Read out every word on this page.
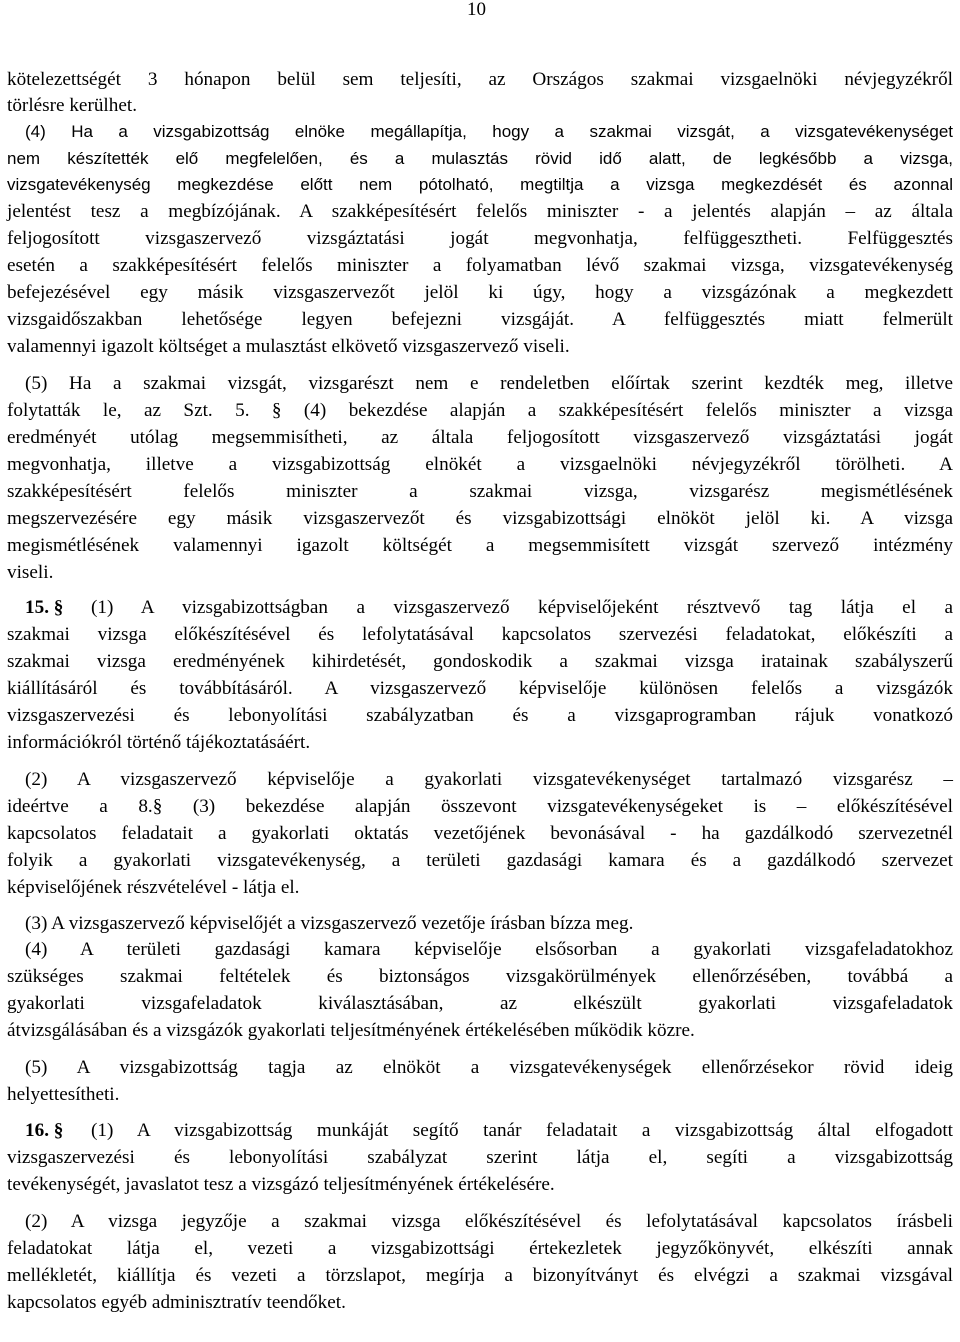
10
kötelezettségét 3 hónapon belül sem teljesíti, az Országos szakmai vizsgaelnöki névjegyzékről
törlésre kerülhet.
(4) Ha a vizsgabizottság elnöke megállapítja, hogy a szakmai vizsgát, a vizsgatevékenységet
nem készítették elő megfelelően, és a mulasztás rövid idő alatt, de legkésőbb a vizsga,
vizsgatevékenység megkezdése előtt nem pótolható, megtiltja a vizsga megkezdését és azonnal
jelentést tesz a megbízójának. A szakképesítésért felelős miniszter - a jelentés alapján – az általa
feljogosított vizsgaszervező vizsgáztatási jogát megvonhatja, felfüggesztheti. Felfüggesztés
esetén a szakképesítésért felelős miniszter a folyamatban lévő szakmai vizsga, vizsgatevékenység
befejezésével egy másik vizsgaszervezőt jelöl ki úgy, hogy a vizsgázónak a megkezdett
vizsgaidőszakban lehetősége legyen befejezni vizsgáját. A felfüggesztés miatt felmerült
valamennyi igazolt költséget a mulasztást elkövető vizsgaszervező viseli.
(5) Ha a szakmai vizsgát, vizsgarészt nem e rendeletben előírtak szerint kezdték meg, illetve
folytatták le, az Szt. 5. § (4) bekezdése alapján a szakképesítésért felelős miniszter a vizsga
eredményét utólag megsemmisítheti, az általa feljogosított vizsgaszervező vizsgáztatási jogát
megvonhatja, illetve a vizsgabizottság elnökét a vizsgaelnöki névjegyzékről törölheti. A
szakképesítésért felelős miniszter a szakmai vizsga, vizsgarész megismétlésének
megszervezésére egy másik vizsgaszervezőt és vizsgabizottsági elnököt jelöl ki. A vizsga
megismétlésének valamennyi igazolt költségét a megsemmisített vizsgát szervező intézmény
viseli.
15. §	(1) A vizsgabizottságban a vizsgaszervező képviselőjeként résztvevő tag látja el a
szakmai vizsga előkészítésével és lefolytatásával kapcsolatos szervezési feladatokat, előkészíti a
szakmai vizsga eredményének kihirdetését, gondoskodik a szakmai vizsga iratainak szabályszerű
kiállításáról és továbbításáról. A vizsgaszervező képviselője különösen felelős a vizsgázók
vizsgaszervezési és lebonyolítási szabályzatban és a vizsgaprogramban rájuk vonatkozó
információkról történő tájékoztatásáért.
(2) A vizsgaszervező képviselője a gyakorlati vizsgatevékenységet tartalmazó vizsgarész –
ideértve a 8.§ (3) bekezdése alapján összevont vizsgatevékenységeket is – előkészítésével
kapcsolatos feladatait a gyakorlati oktatás vezetőjének bevonásával - ha gazdálkodó szervezetnél
folyik a gyakorlati vizsgatevékenység, a területi gazdasági kamara és a gazdálkodó szervezet
képviselőjének részvételével - látja el.
(3) A vizsgaszervező képviselőjét a vizsgaszervező vezetője írásban bízza meg.
(4) A területi gazdasági kamara képviselője elsősorban a gyakorlati vizsgafeladatokhoz
szükséges szakmai feltételek és biztonságos vizsgakörülmények ellenőrzésében, továbbá a
gyakorlati vizsgafeladatok kiválasztásában, az elkészült gyakorlati vizsgafeladatok
átvizsgálásában és a vizsgázók gyakorlati teljesítményének értékelésében működik közre.
(5) A vizsgabizottság tagja az elnököt a vizsgatevékenységek ellenőrzésekor rövid ideig
helyettesítheti.
16. §	(1) A vizsgabizottság munkáját segítő tanár feladatait a vizsgabizottság által elfogadott
vizsgaszervezési és lebonyolítási szabályzat szerint látja el, segíti a vizsgabizottság
tevékenységét, javaslatot tesz a vizsgázó teljesítményének értékelésére.
(2) A vizsga jegyzője a szakmai vizsga előkészítésével és lefolytatásával kapcsolatos írásbeli
feladatokat látja el, vezeti a vizsgabizottsági értekezletek jegyzőkönyvét, elkészíti annak
mellékletét, kiállítja és vezeti a törzslapot, megírja a bizonyítványt és elvégzi a szakmai vizsgával
kapcsolatos egyéb adminisztratív teendőket.
